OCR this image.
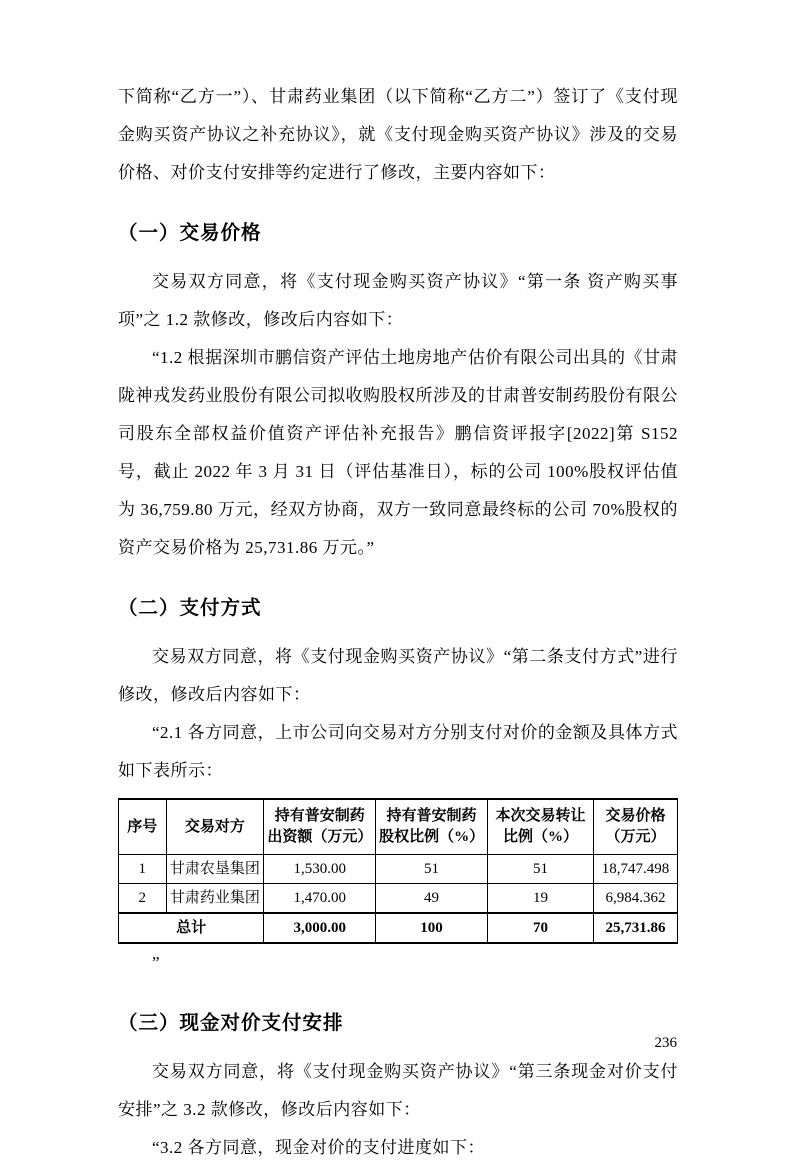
下简称“乙方一”）、甘肃药业集团（以下简称“乙方二”）签订了《支付现金购买资产协议之补充协议》，就《支付现金购买资产协议》涉及的交易价格、对价支付安排等约定进行了修改，主要内容如下：

（一）交易价格

交易双方同意，将《支付现金购买资产协议》“第一条 资产购买事项”之 1.2 款修改，修改后内容如下：

“1.2 根据深圳市鹏信资产评估土地房地产估价有限公司出具的《甘肃陇神戎发药业股份有限公司拟收购股权所涉及的甘肃普安制药股份有限公司股东全部权益价值资产评估补充报告》鹏信资评报字[2022]第 S152 号，截止 2022 年 3 月 31 日（评估基准日），标的公司 100%股权评估值为 36,759.80 万元，经双方协商，双方一致同意最终标的公司 70%股权的资产交易价格为 25,731.86 万元。”

（二）支付方式

交易双方同意，将《支付现金购买资产协议》“第二条支付方式”进行修改，修改后内容如下：

“2.1 各方同意，上市公司向交易对方分别支付对价的金额及具体方式如下表所示：

序号	交易对方	持有普安制药出资额（万元）	持有普安制药股权比例（%）	本次交易转让比例（%）	交易价格（万元）
1	甘肃农垦集团	1,530.00	51	51	18,747.498
2	甘肃药业集团	1,470.00	49	19	6,984.362
总计		3,000.00	100	70	25,731.86

”

（三）现金对价支付安排

交易双方同意，将《支付现金购买资产协议》“第三条现金对价支付安排”之 3.2 款修改，修改后内容如下：

“3.2 各方同意，现金对价的支付进度如下：

236
